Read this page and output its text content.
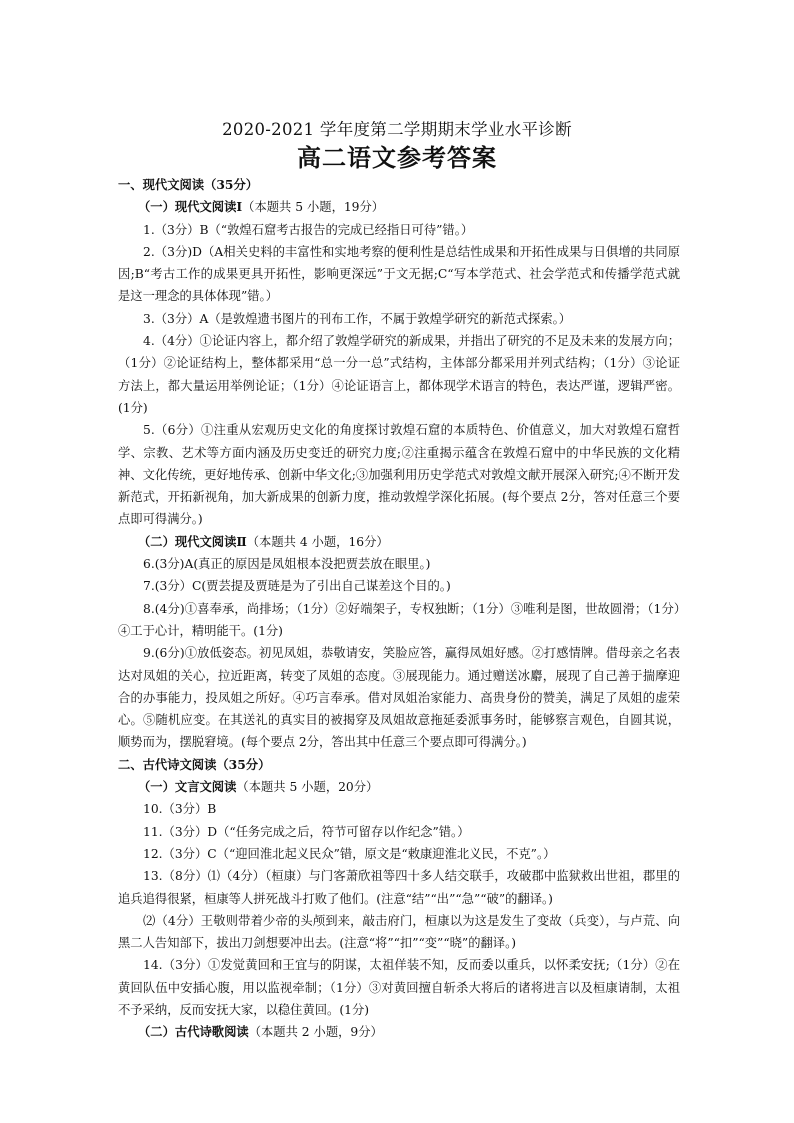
2020-2021 学年度第二学期期末学业水平诊断
高二语文参考答案

一、现代文阅读（35分）

（一）现代文阅读Ⅰ（本题共 5 小题，19分）

1.（3分）B（“敦煌石窟考古报告的完成已经指日可待”错。）

2.（3分)D（A相关史料的丰富性和实地考察的便利性是总结性成果和开拓性成果与日俱增的共同原因;B“考古工作的成果更具开拓性，影响更深远”于文无据;C“写本学范式、社会学范式和传播学范式就是这一理念的具体体现”错。）

3.（3分）A（是敦煌遗书图片的刊布工作，不属于敦煌学研究的新范式探索。）

4.（4分）①论证内容上，都介绍了敦煌学研究的新成果，并指出了研究的不足及未来的发展方向；（1分）②论证结构上，整体都采用“总一分一总”式结构，主体部分都采用并列式结构；（1分）③论证方法上，都大量运用举例论证；（1分）④论证语言上，都体现学术语言的特色，表达严谨，逻辑严密。(1分)

5.（6分）①注重从宏观历史文化的角度探讨敦煌石窟的本质特色、价值意义，加大对敦煌石窟哲学、宗教、艺术等方面内涵及历史变迁的研究力度;②注重揭示蕴含在敦煌石窟中的中华民族的文化精神、文化传统，更好地传承、创新中华文化;③加强利用历史学范式对敦煌文献开展深入研究;④不断开发新范式，开拓新视角，加大新成果的创新力度，推动敦煌学深化拓展。(每个要点 2分，答对任意三个要点即可得满分。)

（二）现代文阅读Ⅱ（本题共 4 小题，16分）

6.(3分)A(真正的原因是凤姐根本没把贾芸放在眼里。)

7.(3分）C(贾芸提及贾琏是为了引出自己谋差这个目的。)

8.(4分)①喜奉承，尚排场；（1分）②好端架子，专权独断；（1分）③唯利是图，世故圆滑；（1分）④工于心计，精明能干。(1分)

9.(6分)①放低姿态。初见凤姐，恭敬请安，笑脸应答，赢得凤姐好感。②打感情牌。借母亲之名表达对凤姐的关心，拉近距离，转变了凤姐的态度。③展现能力。通过赠送冰麝，展现了自己善于揣摩迎合的办事能力，投凤姐之所好。④巧言奉承。借对凤姐治家能力、高贵身份的赞美，满足了凤姐的虚荣心。⑤随机应变。在其送礼的真实目的被揭穿及凤姐故意拖延委派事务时，能够察言观色，自圆其说，顺势而为，摆脱窘境。(每个要点 2分，答出其中任意三个要点即可得满分。)

二、古代诗文阅读（35分）

（一）文言文阅读（本题共 5 小题，20分）

10.（3分）B

11.（3分）D（“任务完成之后，符节可留存以作纪念”错。）

12.（3分）C（“迎回淮北起义民众”错，原文是“敕康迎淮北义民，不克”。）

13.（8分）⑴（4分）（桓康）与门客萧欣祖等四十多人结交联手，攻破郡中监狱救出世祖，郡里的追兵追得很紧，桓康等人拼死战斗打败了他们。(注意“结”“出”“急”“破”的翻译。)

⑵（4分）王敬则带着少帝的头颅到来，敲击府门，桓康以为这是发生了变故（兵变），与卢荒、向黑二人告知部下，拔出刀剑想要冲出去。(注意“将”“扣”“变”“晓”的翻译。)

14.（3分）①发觉黄回和王宜与的阴谋，太祖佯装不知，反而委以重兵，以怀柔安抚;（1分）②在黄回队伍中安插心腹，用以监视牵制；（1分）③对黄回擅自斩杀大将后的诸将进言以及桓康请制，太祖不予采纳，反而安抚大家，以稳住黄回。(1分)

（二）古代诗歌阅读（本题共 2 小题，9分）
